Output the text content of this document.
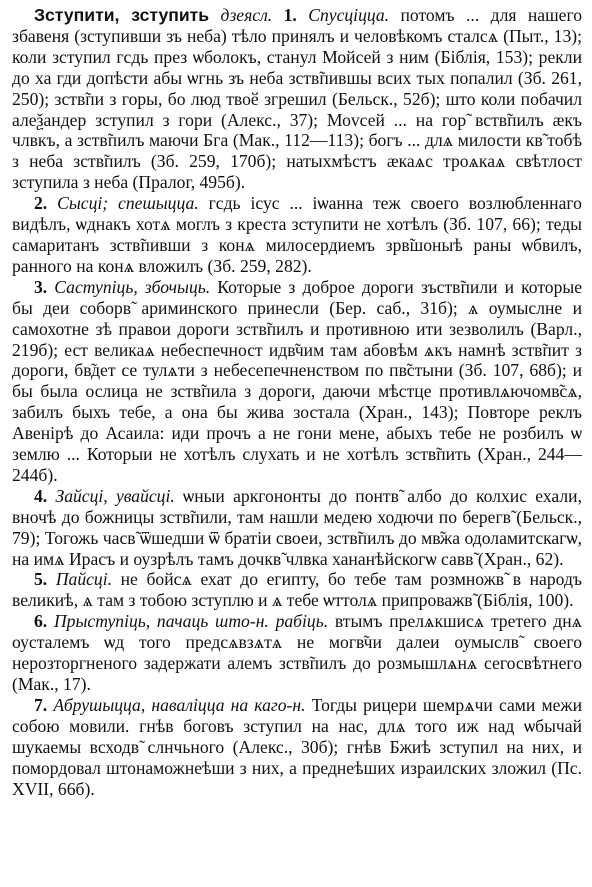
Зступити, зступить дзеясл. 1. Спусціцца. потомъ ... для нашего збавеня (зступивши зъ неба) тѣло принялъ и человѣкомъ сталсѧ (Пыт., 13); коли зступил гсдь през ѡболокъ, станул Мойсей з ним (Біблія, 153); рекли до ха гди допѣсти абы ѡгнь зъ неба зств̃пившы всих тых попалил (Зб. 261, 250); зств̃пи з горы, бо люд твоӗ згрешил (Бельск., 52б); што коли побачил алеѯандер зступил з гори (Алекс., 37); Моvсей ... на гор̃ вств̃пилъ ӕкъ члвкъ, а зств̃пилъ маючи Бга (Мак., 112—113); богъ ... длѧ милости кв̃ тобѣ з неба зств̃пилъ (Зб. 259, 170б); натыхмѣстъ ӕкаѧс троѧкаѧ свѣтлост зступила з неба (Пралог, 495б).

2. Сысці; спешыцца. гсдь ісус ... іѡанна теж своего возлюбленнаго видѣлъ, ѡднакъ хотѧ моглъ з креста зступити не хотѣлъ (Зб. 107, 66); теды самаританъ зств̃пивши з конѧ милосердиемъ зрв̃шоныѣ раны ѡбвилъ, ранного на конѧ вложилъ (Зб. 259, 282).

3. Саступіць, збочыць. Которые з доброе дороги зъств̃пили и которые бы деи соборв̃ ариминского принесли (Бер. саб., 31б); ѧ оумыслне и самохотне зѣ правои дороги зств̃пилъ и противною ити зезволилъ (Варл., 219б); ест великаѧ небеспечност идв̃чим там абовѣм ѧкъ намнѣ зств̃пит з дороги, бв̃дет се тулѧти з небесепечненством по пв̃стыни (Зб. 107, 68б); и бы была ослица не зств̃пила з дороги, даючи мѣстце противлѧючомв̃сѧ, забилъ быхъ тебе, а она бы жива зостала (Хран., 143); Повторе реклъ Авенірѣ до Асаила: иди прочъ а не гони мене, абыхъ тебе не розбилъ ѡ землю ... Которыи не хотѣлъ слухать и не хотѣлъ зств̃пить (Хран., 244—244б).

4. Зайсці, увайсці. ѡныи аркгононты до понтв̃ албо до колхис ехали, вночѣ до божницы зств̃пили, там нашли медею ходючи по берегв̃ (Бельск., 79); Тогожь часв̃ ѿшедши ѿ братіи своеи, зств̃пилъ до мв̃жа одоламитскагѡ, на имѧ Ирасъ и оузрѣлъ тамъ дочкв̃ члвка хананѣйскогѡ савв̃ (Хран., 62).

5. Пайсці. не бойсѧ ехат до египту, бо тебе там розмножв̃ в народъ великиѣ, ѧ там з тобою зступлю и ѧ тебе ѡттолѧ припроважв̃ (Біблія, 100).

6. Прыступіць, пачаць што-н. рабіць. втымъ прелѧкшисѧ третего днѧ оусталемъ ѡд того предсѧвзѧтѧ не могв̃чи далеи оумыслв̃ своего нерозторгненого задержати алемъ зств̃пилъ до розмышлѧнѧ сегосвѣтнего (Мак., 17).

7. Абрушыцца, навaліцца на каго-н. Тогды рицери шемрѧчи сами межи собою мовили. гнѣв боговъ зступил на нас, длѧ того иж над ѡбычай шукаемы всходв̃ слнчьного (Алекс., 30б); гнѣв Бжиѣ зступил на них, и помордовал штонаможнеѣши з них, а преднеѣших израилских зложил (Пс. XVII, 66б).
